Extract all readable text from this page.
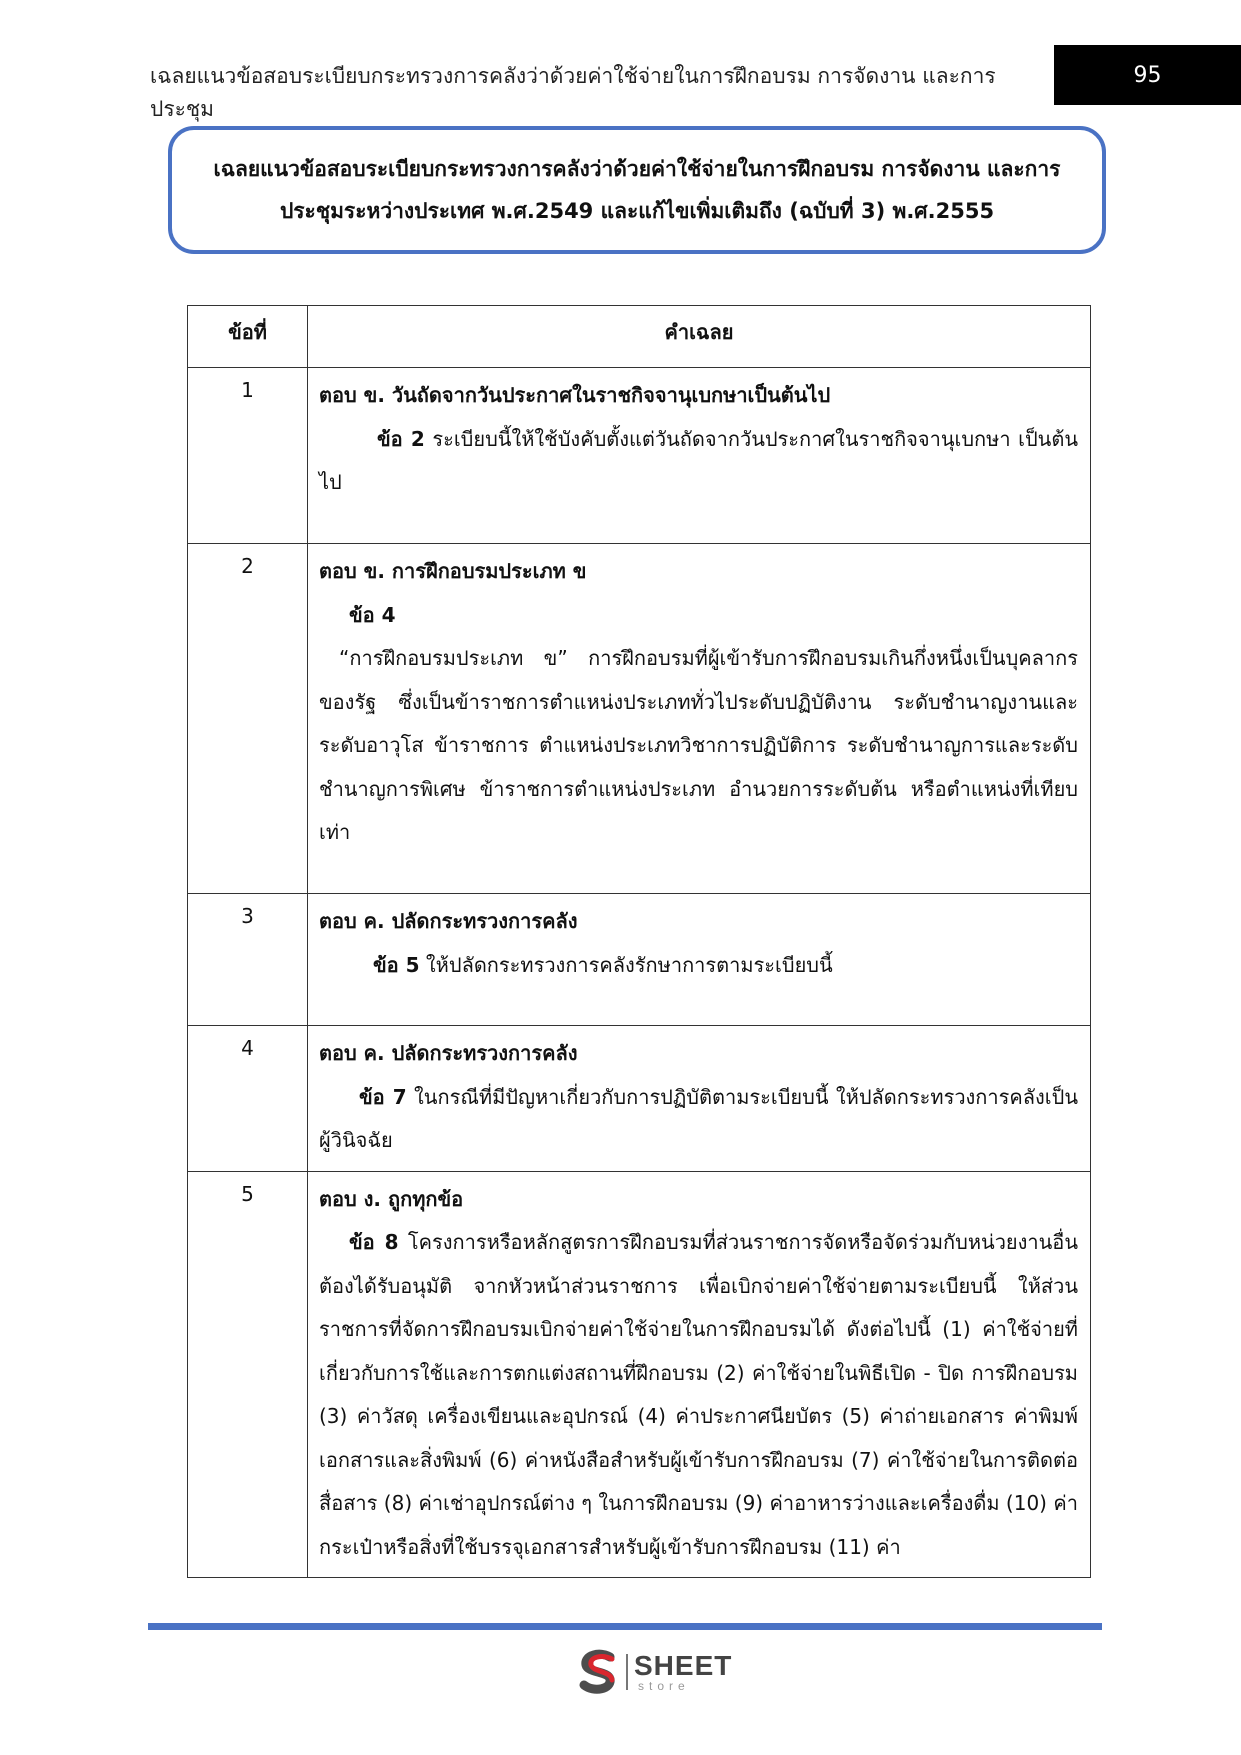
เฉลยแนวข้อสอบระเบียบกระทรวงการคลังว่าด้วยค่าใช้จ่ายในการฝึกอบรม การจัดงาน และการประชุม
95
เฉลยแนวข้อสอบระเบียบกระทรวงการคลังว่าด้วยค่าใช้จ่ายในการฝึกอบรม การจัดงาน และการ
ประชุมระหว่างประเทศ พ.ศ.2549 และแก้ไขเพิ่มเติมถึง (ฉบับที่ 3) พ.ศ.2555
ข้อที่	คำเฉลย
1	ตอบ ข. วันถัดจากวันประกาศในราชกิจจานุเบกษาเป็นต้นไป
ข้อ 2 ระเบียบนี้ให้ใช้บังคับตั้งแต่วันถัดจากวันประกาศในราชกิจจานุเบกษา เป็นต้นไป

2	ตอบ ข. การฝึกอบรมประเภท ข
ข้อ 4
“การฝึกอบรมประเภท ข” การฝึกอบรมที่ผู้เข้ารับการฝึกอบรมเกินกึ่งหนึ่งเป็นบุคลากรของรัฐ ซึ่งเป็นข้าราชการตำแหน่งประเภททั่วไประดับปฏิบัติงาน ระดับชำนาญงานและระดับอาวุโส ข้าราชการ ตำแหน่งประเภทวิชาการปฏิบัติการ ระดับชำนาญการและระดับชำนาญการพิเศษ ข้าราชการตำแหน่งประเภท อำนวยการระดับต้น หรือตำแหน่งที่เทียบเท่า

3	ตอบ ค. ปลัดกระทรวงการคลัง
ข้อ 5 ให้ปลัดกระทรวงการคลังรักษาการตามระเบียบนี้

4	ตอบ ค. ปลัดกระทรวงการคลัง
ข้อ 7 ในกรณีที่มีปัญหาเกี่ยวกับการปฏิบัติตามระเบียบนี้ ให้ปลัดกระทรวงการคลังเป็นผู้วินิจฉัย

5	ตอบ ง. ถูกทุกข้อ
ข้อ 8 โครงการหรือหลักสูตรการฝึกอบรมที่ส่วนราชการจัดหรือจัดร่วมกับหน่วยงานอื่นต้องได้รับอนุมัติ จากหัวหน้าส่วนราชการ เพื่อเบิกจ่ายค่าใช้จ่ายตามระเบียบนี้ ให้ส่วนราชการที่จัดการฝึกอบรมเบิกจ่ายค่าใช้จ่ายในการฝึกอบรมได้ ดังต่อไปนี้ (1) ค่าใช้จ่ายที่เกี่ยวกับการใช้และการตกแต่งสถานที่ฝึกอบรม (2) ค่าใช้จ่ายในพิธีเปิด - ปิด การฝึกอบรม (3) ค่าวัสดุ เครื่องเขียนและอุปกรณ์ (4) ค่าประกาศนียบัตร (5) ค่าถ่ายเอกสาร ค่าพิมพ์เอกสารและสิ่งพิมพ์ (6) ค่าหนังสือสำหรับผู้เข้ารับการฝึกอบรม (7) ค่าใช้จ่ายในการติดต่อสื่อสาร (8) ค่าเช่าอุปกรณ์ต่าง ๆ ในการฝึกอบรม (9) ค่าอาหารว่างและเครื่องดื่ม (10) ค่ากระเป๋าหรือสิ่งที่ใช้บรรจุเอกสารสำหรับผู้เข้ารับการฝึกอบรม (11) ค่า
SHEET
store
